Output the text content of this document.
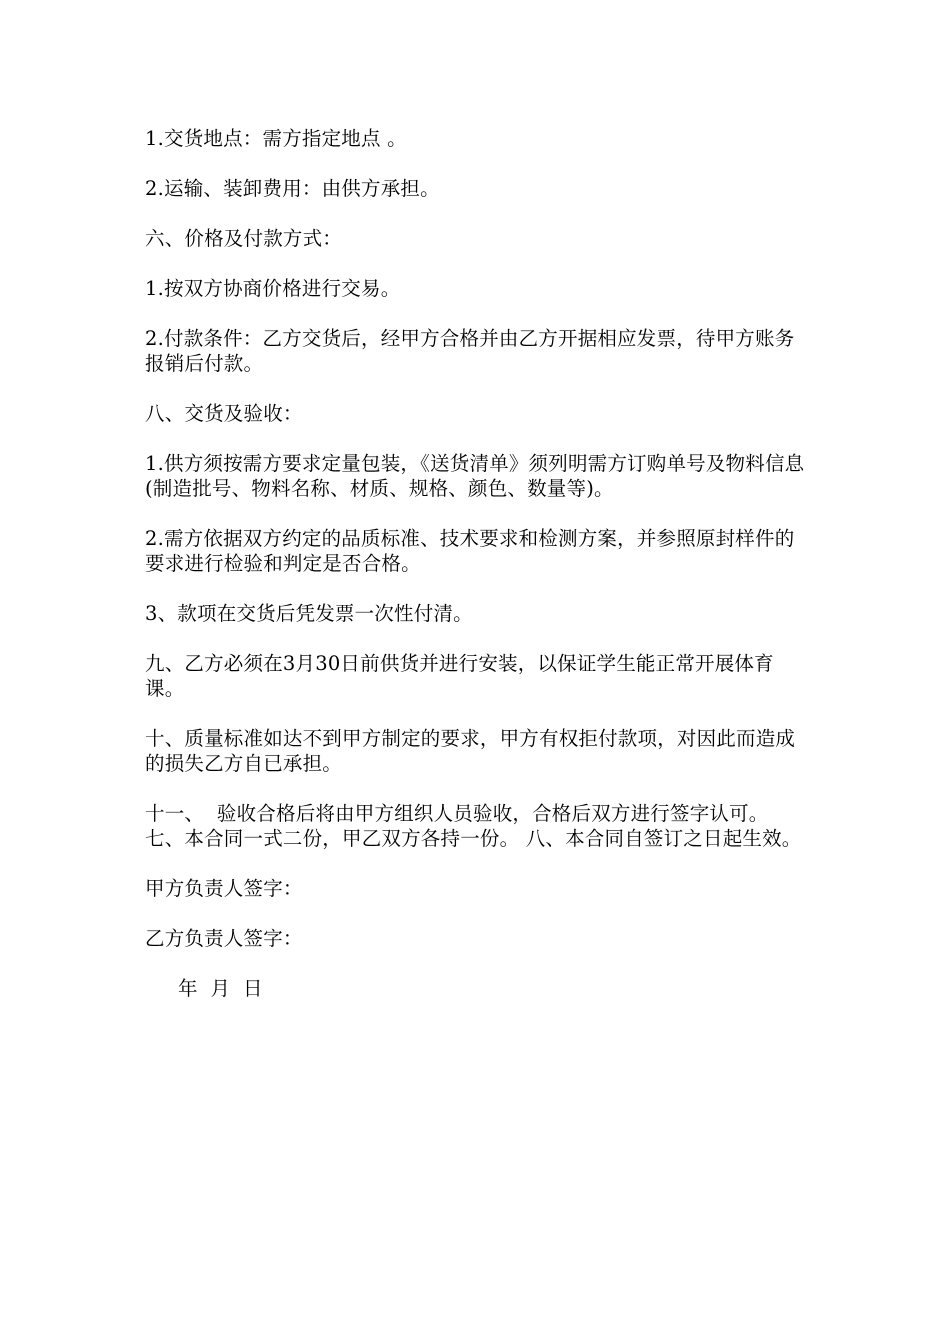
1.交货地点：需方指定地点 。

2.运输、装卸费用：由供方承担。

六、价格及付款方式：

1.按双方协商价格进行交易。

2.付款条件：乙方交货后，经甲方合格并由乙方开据相应发票，待甲方账务报销后付款。

八、交货及验收：

1.供方须按需方要求定量包装，《送货清单》须列明需方订购单号及物料信息(制造批号、物料名称、材质、规格、颜色、数量等)。

2.需方依据双方约定的品质标准、技术要求和检测方案，并参照原封样件的要求进行检验和判定是否合格。

3、款项在交货后凭发票一次性付清。

九、乙方必须在3月30日前供货并进行安装，以保证学生能正常开展体育课。

十、质量标准如达不到甲方制定的要求，甲方有权拒付款项，对因此而造成的损失乙方自已承担。

十一、  验收合格后将由甲方组织人员验收，合格后双方进行签字认可。 七、本合同一式二份，甲乙双方各持一份。 八、本合同自签订之日起生效。

甲方负责人签字：

乙方负责人签字：

年  月  日
